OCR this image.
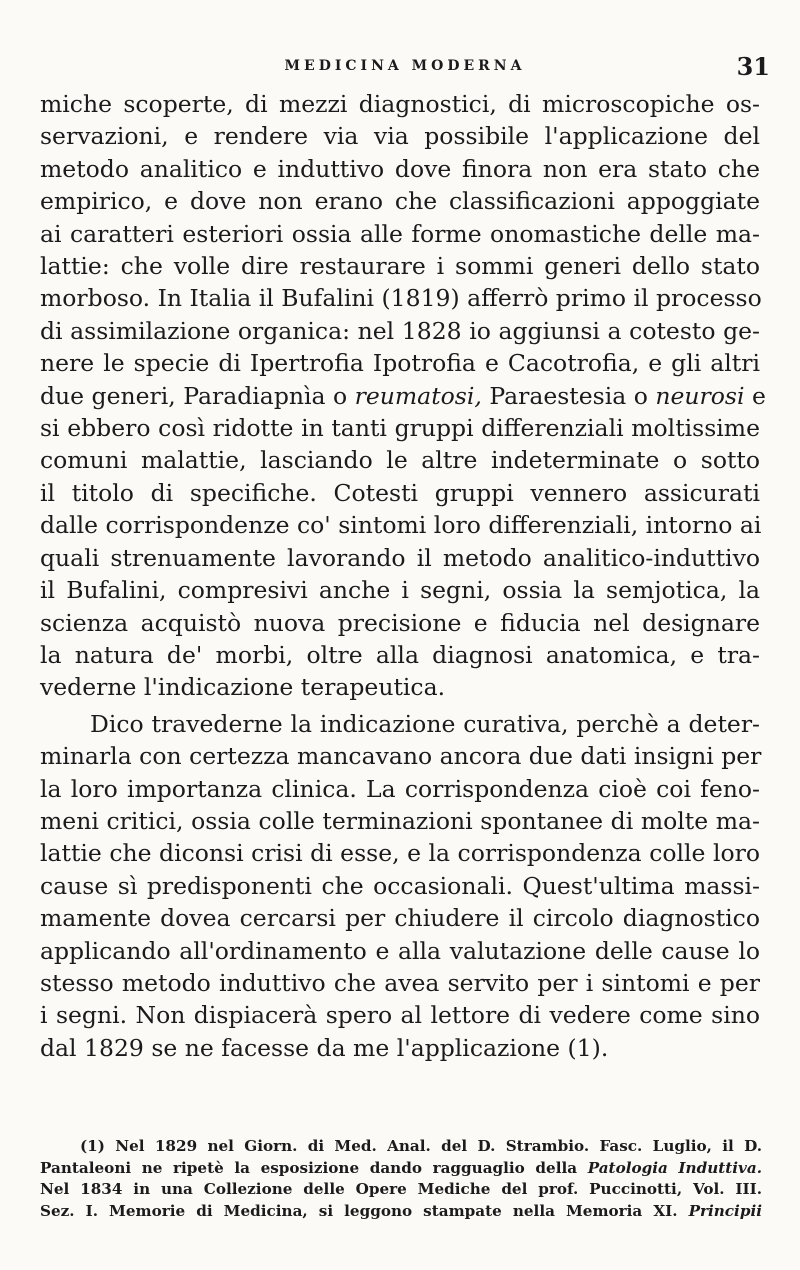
MEDICINA MODERNA	31
miche scoperte, di mezzi diagnostici, di microscopiche os-
servazioni, e rendere via via possibile l'applicazione del
metodo analitico e induttivo dove finora non era stato che
empirico, e dove non erano che classificazioni appoggiate
ai caratteri esteriori ossia alle forme onomastiche delle ma-
lattie: che volle dire restaurare i sommi generi dello stato
morboso. In Italia il Bufalini (1819) afferrò primo il processo
di assimilazione organica: nel 1828 io aggiunsi a cotesto ge-
nere le specie di Ipertrofia Ipotrofia e Cacotrofia, e gli altri
due generi, Paradiapnìa o reumatosi, Paraestesia o neurosi e
si ebbero così ridotte in tanti gruppi differenziali moltissime
comuni malattie, lasciando le altre indeterminate o sotto
il titolo di specifiche. Cotesti gruppi vennero assicurati
dalle corrispondenze co' sintomi loro differenziali, intorno ai
quali strenuamente lavorando il metodo analitico-induttivo
il Bufalini, compresivi anche i segni, ossia la semjotica, la
scienza acquistò nuova precisione e fiducia nel designare
la natura de' morbi, oltre alla diagnosi anatomica, e tra-
vederne l'indicazione terapeutica.
Dico travederne la indicazione curativa, perchè a deter-
minarla con certezza mancavano ancora due dati insigni per
la loro importanza clinica. La corrispondenza cioè coi feno-
meni critici, ossia colle terminazioni spontanee di molte ma-
lattie che diconsi crisi di esse, e la corrispondenza colle loro
cause sì predisponenti che occasionali. Quest'ultima massi-
mamente dovea cercarsi per chiudere il circolo diagnostico
applicando all'ordinamento e alla valutazione delle cause lo
stesso metodo induttivo che avea servito per i sintomi e per
i segni. Non dispiacerà spero al lettore di vedere come sino
dal 1829 se ne facesse da me l'applicazione (1).
(1) Nel 1829 nel Giorn. di Med. Anal. del D. Strambio. Fasc. Luglio, il D.
Pantaleoni ne ripetè la esposizione dando ragguaglio della Patologia Induttiva.
Nel 1834 in una Collezione delle Opere Mediche del prof. Puccinotti, Vol. III.
Sez. I. Memorie di Medicina, si leggono stampate nella Memoria XI. Principii
